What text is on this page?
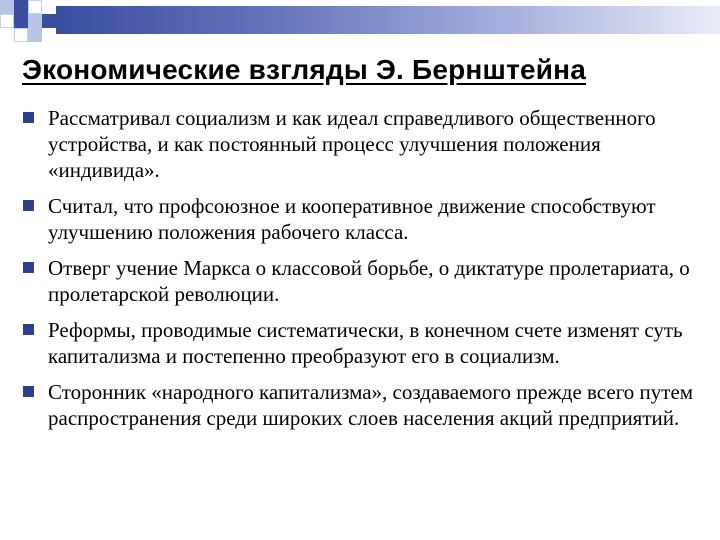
Экономические взгляды Э. Бернштейна
Рассматривал социализм и как идеал справедливого общественного устройства, и как постоянный процесс улучшения положения «индивида».
Считал, что профсоюзное и кооперативное движение способствуют улучшению положения рабочего класса.
Отверг учение Маркса о классовой борьбе, о диктатуре пролетариата, о пролетарской революции.
Реформы, проводимые систематически, в конечном счете изменят суть капитализма и постепенно преобразуют его в социализм.
Сторонник «народного капитализма», создаваемого прежде всего путем распространения среди широких слоев населения акций предприятий.
